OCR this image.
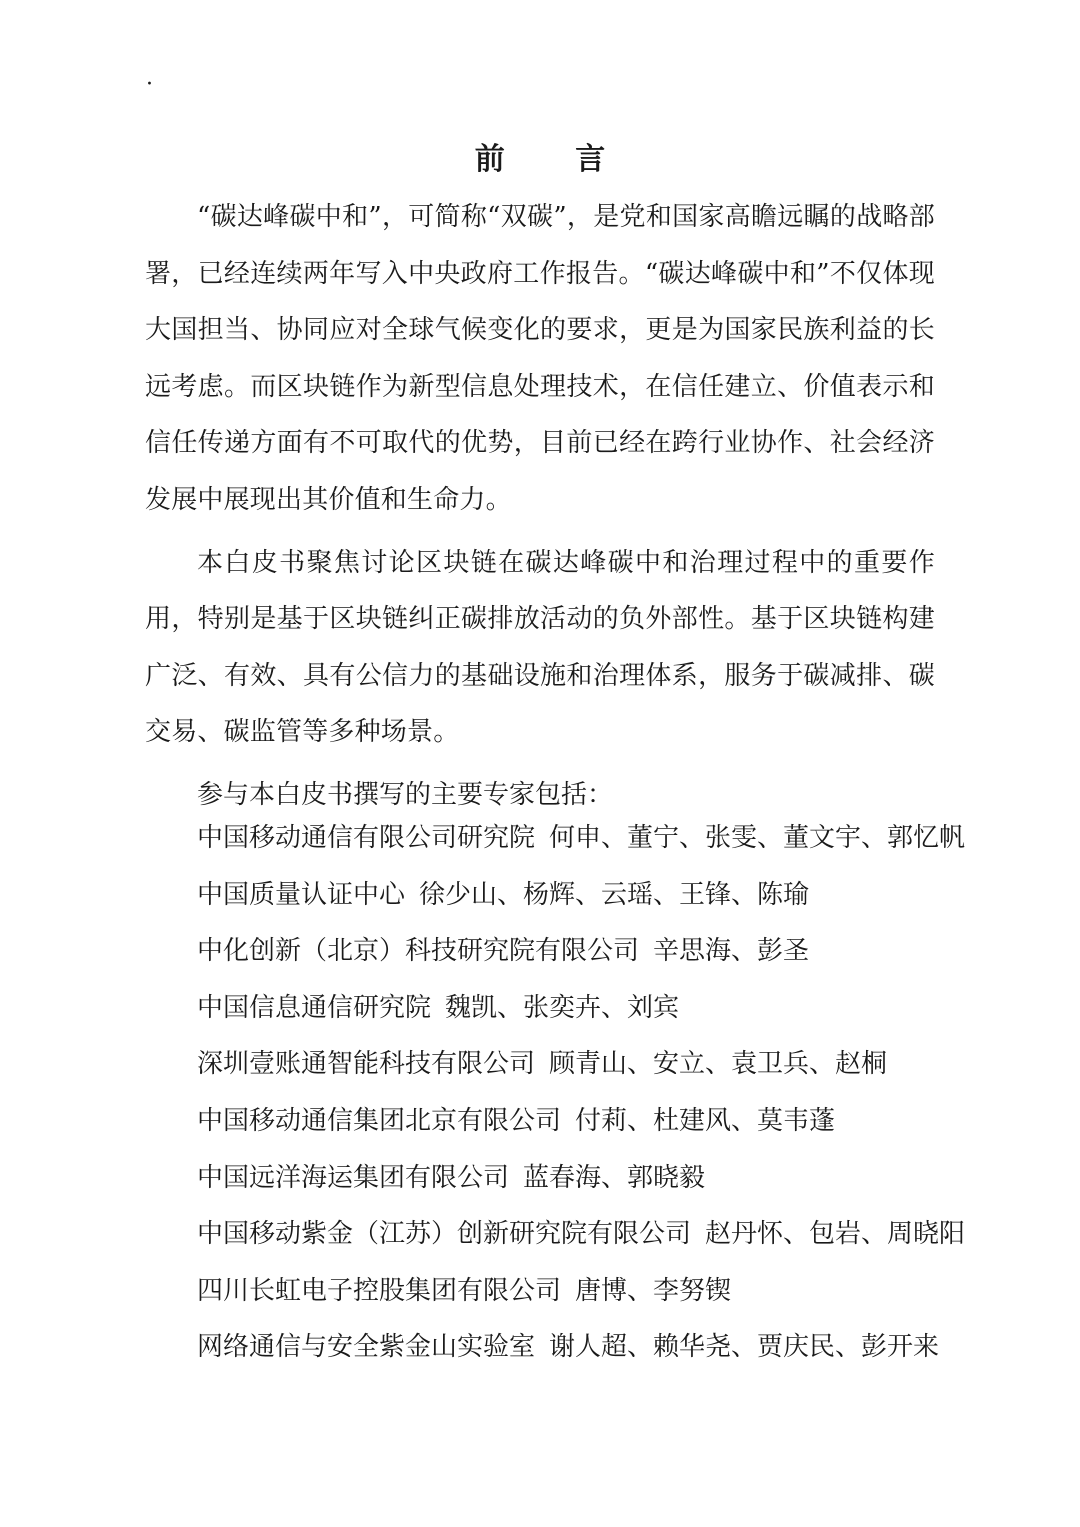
·
前 言

“碳达峰碳中和”，可简称“双碳”，是党和国家高瞻远瞩的战略部署，已经连续两年写入中央政府工作报告。“碳达峰碳中和”不仅体现大国担当、协同应对全球气候变化的要求，更是为国家民族利益的长远考虑。而区块链作为新型信息处理技术，在信任建立、价值表示和信任传递方面有不可取代的优势，目前已经在跨行业协作、社会经济发展中展现出其价值和生命力。

本白皮书聚焦讨论区块链在碳达峰碳中和治理过程中的重要作用，特别是基于区块链纠正碳排放活动的负外部性。基于区块链构建广泛、有效、具有公信力的基础设施和治理体系，服务于碳减排、碳交易、碳监管等多种场景。

参与本白皮书撰写的主要专家包括：

中国移动通信有限公司研究院 何申、董宁、张雯、董文宇、郭忆帆
中国质量认证中心 徐少山、杨辉、云瑶、王锋、陈瑜
中化创新（北京）科技研究院有限公司 辛思海、彭圣
中国信息通信研究院 魏凯、张奕卉、刘宾
深圳壹账通智能科技有限公司 顾青山、安立、袁卫兵、赵桐
中国移动通信集团北京有限公司 付莉、杜建风、莫韦蓬
中国远洋海运集团有限公司 蓝春海、郭晓毅
中国移动紫金（江苏）创新研究院有限公司 赵丹怀、包岩、周晓阳
四川长虹电子控股集团有限公司 唐博、李努锲
网络通信与安全紫金山实验室 谢人超、赖华尧、贾庆民、彭开来
